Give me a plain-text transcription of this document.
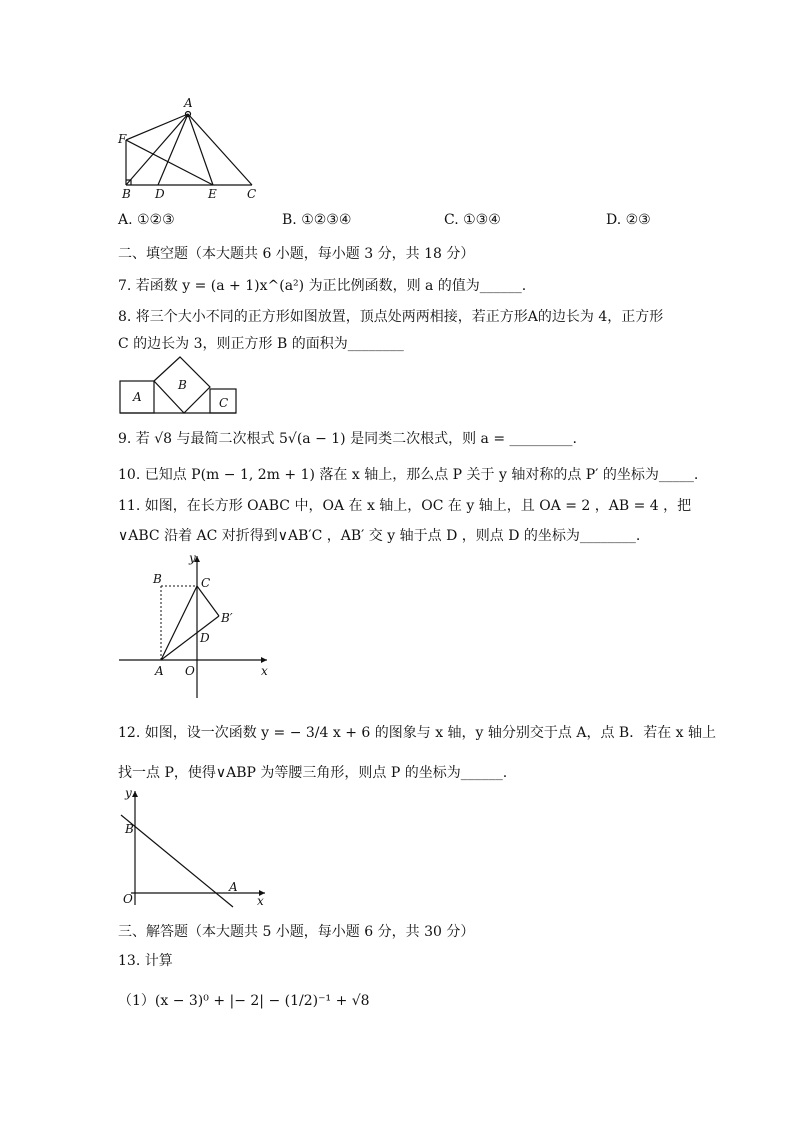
A
F
B D	E	C
A. ①②③	B. ①②③④	C. ①③④	D. ②③
二、填空题（本大题共 6 小题，每小题 3 分，共 18 分）
7. 若函数 y = (a + 1)x^(a²) 为正比例函数，则 a 的值为______.
8. 将三个大小不同的正方形如图放置，顶点处两两相接，若正方形A的边长为 4，正方形
C 的边长为 3，则正方形 B 的面积为________
A
B
C
9. 若 √8 与最简二次根式 5√(a − 1) 是同类二次根式，则 a = _________.
10. 已知点 P(m − 1, 2m + 1) 落在 x 轴上，那么点 P 关于 y 轴对称的点 P′ 的坐标为_____.
11. 如图，在长方形 OABC 中，OA 在 x 轴上，OC 在 y 轴上，且 OA = 2 ，AB = 4 ，把
∨ABC 沿着 AC 对折得到∨AB′C ，AB′ 交 y 轴于点 D ，则点 D 的坐标为________.
y
B	C
B′
D
A O	x
12. 如图，设一次函数 y = − 3/4 x + 6 的图象与 x 轴，y 轴分别交于点 A，点 B．若在 x 轴上
找一点 P，使得∨ABP 为等腰三角形，则点 P 的坐标为______.
y
B
O
A
x
三、解答题（本大题共 5 小题，每小题 6 分，共 30 分）
13. 计算
（1）(x − 3)⁰ + |− 2| − (1/2)⁻¹ + √8
